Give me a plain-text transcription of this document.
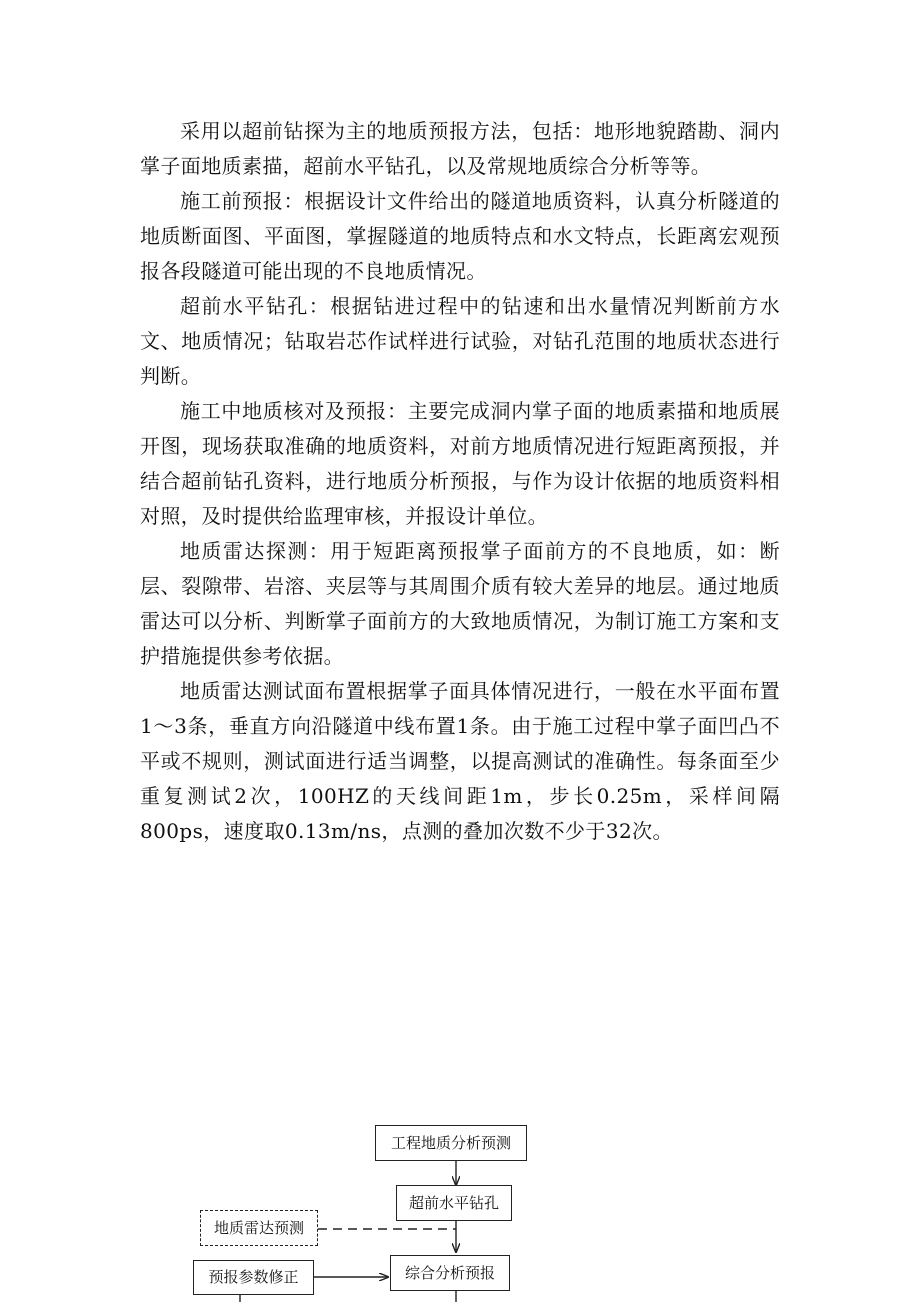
采用以超前钻探为主的地质预报方法，包括：地形地貌踏勘、洞内掌子面地质素描，超前水平钻孔，以及常规地质综合分析等等。

施工前预报：根据设计文件给出的隧道地质资料，认真分析隧道的地质断面图、平面图，掌握隧道的地质特点和水文特点，长距离宏观预报各段隧道可能出现的不良地质情况。

超前水平钻孔：根据钻进过程中的钻速和出水量情况判断前方水文、地质情况；钻取岩芯作试样进行试验，对钻孔范围的地质状态进行判断。

施工中地质核对及预报：主要完成洞内掌子面的地质素描和地质展开图，现场获取准确的地质资料，对前方地质情况进行短距离预报，并结合超前钻孔资料，进行地质分析预报，与作为设计依据的地质资料相对照，及时提供给监理审核，并报设计单位。

地质雷达探测：用于短距离预报掌子面前方的不良地质，如：断层、裂隙带、岩溶、夹层等与其周围介质有较大差异的地层。通过地质雷达可以分析、判断掌子面前方的大致地质情况，为制订施工方案和支护措施提供参考依据。

地质雷达测试面布置根据掌子面具体情况进行，一般在水平面布置1～3条，垂直方向沿隧道中线布置1条。由于施工过程中掌子面凹凸不平或不规则，测试面进行适当调整，以提高测试的准确性。每条面至少重复测试2次，100HZ的天线间距1m，步长0.25m，采样间隔800ps，速度取0.13m/ns，点测的叠加次数不少于32次。

工程地质分析预测
超前水平钻孔
地质雷达预测
综合分析预报
预报参数修正
